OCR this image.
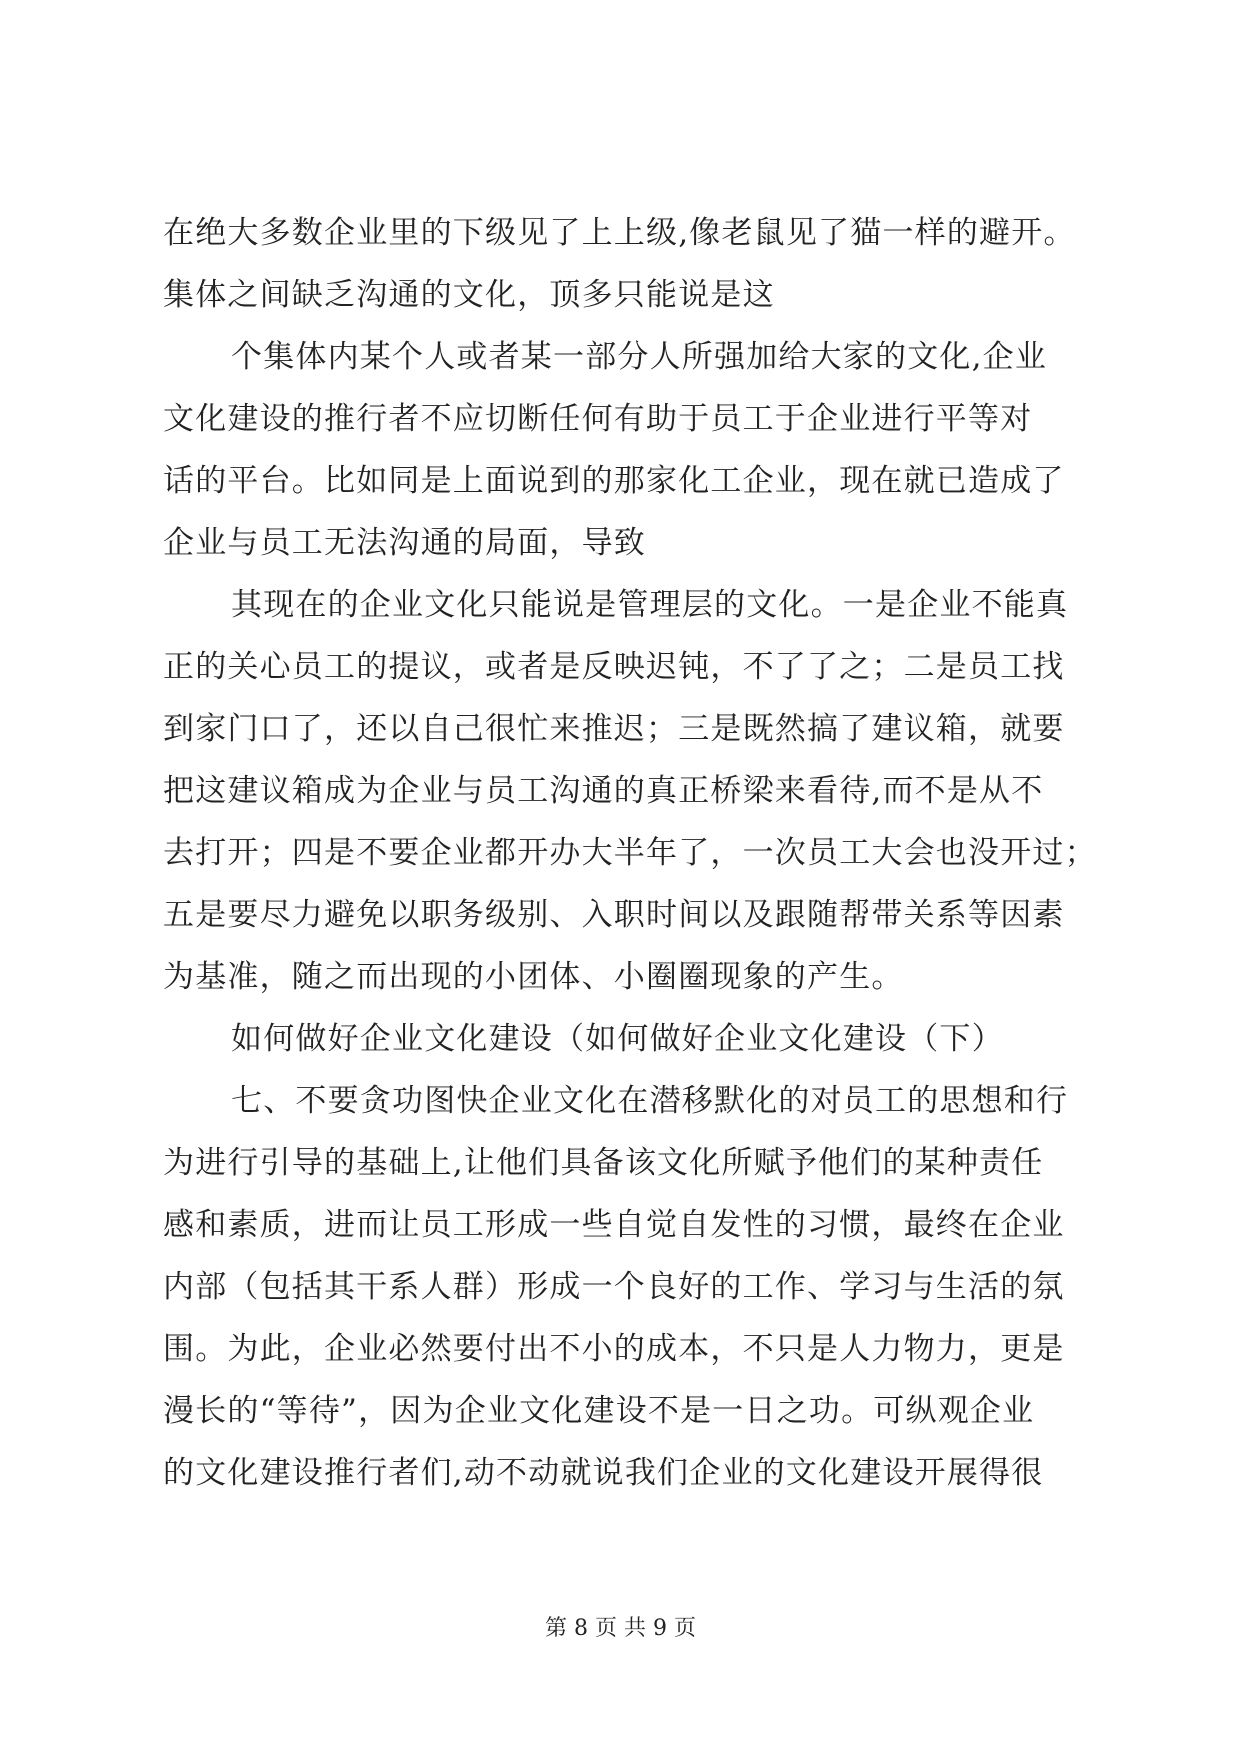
在绝大多数企业里的下级见了上上级,像老鼠见了猫一样的避开。
集体之间缺乏沟通的文化，顶多只能说是这
个集体内某个人或者某一部分人所强加给大家的文化,企业
文化建设的推行者不应切断任何有助于员工于企业进行平等对
话的平台。比如同是上面说到的那家化工企业，现在就已造成了
企业与员工无法沟通的局面，导致
其现在的企业文化只能说是管理层的文化。一是企业不能真
正的关心员工的提议，或者是反映迟钝，不了了之；二是员工找
到家门口了，还以自己很忙来推迟；三是既然搞了建议箱，就要
把这建议箱成为企业与员工沟通的真正桥梁来看待,而不是从不
去打开；四是不要企业都开办大半年了，一次员工大会也没开过；
五是要尽力避免以职务级别、入职时间以及跟随帮带关系等因素
为基准，随之而出现的小团体、小圈圈现象的产生。
如何做好企业文化建设（如何做好企业文化建设（下）
七、不要贪功图快企业文化在潜移默化的对员工的思想和行
为进行引导的基础上,让他们具备该文化所赋予他们的某种责任
感和素质，进而让员工形成一些自觉自发性的习惯，最终在企业
内部（包括其干系人群）形成一个良好的工作、学习与生活的氛
围。为此，企业必然要付出不小的成本，不只是人力物力，更是
漫长的“等待”，因为企业文化建设不是一日之功。可纵观企业
的文化建设推行者们,动不动就说我们企业的文化建设开展得很
第 8 页 共 9 页
